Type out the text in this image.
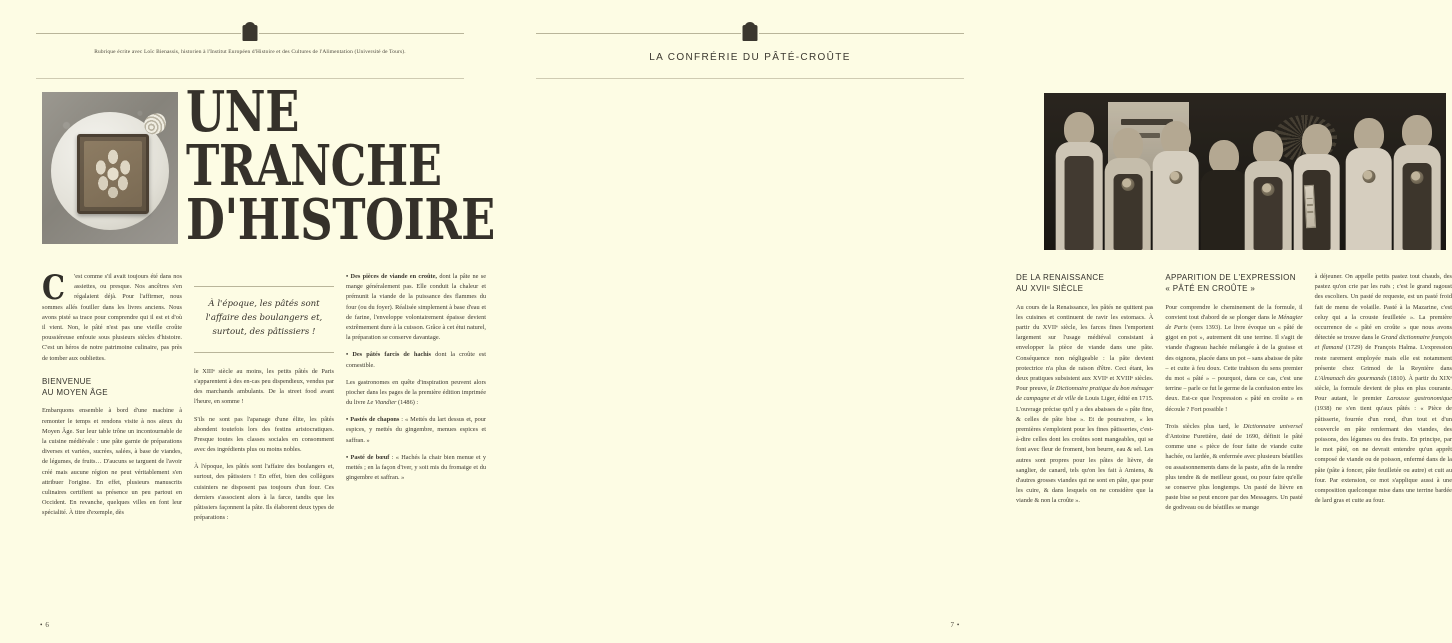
Rubrique écrite avec Loïc Bienassis, historien à l'Institut Européen d'Histoire et des Cultures de l'Alimentation (Université de Tours).
UNE
TRANCHE
D'HISTOIRE

C	'est comme s'il avait toujours été dans nos assiettes, ou presque. Nos ancêtres s'en régalaient déjà. Pour l'affirmer, nous sommes allés fouiller dans les livres anciens. Nous avons pisté sa trace pour comprendre qui il est et d'où il vient. Non, le pâté n'est pas une vieille croûte poussiéreuse enfouie sous plusieurs siècles d'histoire. C'est un héros de notre patrimoine culinaire, pas près de tomber aux oubliettes.

BIENVENUE
AU MOYEN ÂGE

Embarquons ensemble à bord d'une machine à remonter le temps et rendons visite à nos aïeux du Moyen Âge. Sur leur table trône un incontournable de la cuisine médiévale : une pâte garnie de préparations diverses et variées, sucrées, salées, à base de viandes, de légumes, de fruits… D'aucuns se targuent de l'avoir créé mais aucune région ne peut véritablement s'en attribuer l'origine. En effet, plusieurs manuscrits culinaires certifient sa présence un peu partout en Occident. En revanche, quelques villes en font leur spécialité. À titre d'exemple, dès

À l'époque, les pâtés sont l'affaire des boulangers et, surtout, des pâtissiers !

le XIIIᵉ siècle au moins, les petits pâtés de Paris s'apparentent à des en-cas peu dispendieux, vendus par des marchands ambulants. De la street food avant l'heure, en somme !

S'ils ne sont pas l'apanage d'une élite, les pâtés abondent toutefois lors des festins aristocratiques. Presque toutes les classes sociales en consomment avec des ingrédients plus ou moins nobles.

À l'époque, les pâtés sont l'affaire des boulangers et, surtout, des pâtissiers ! En effet, bien des collègues cuisiniers ne disposent pas toujours d'un four. Ces derniers s'associent alors à la farce, tandis que les pâtissiers façonnent la pâte. Ils élaborent deux types de préparations :

• Des pièces de viande en croûte, dont la pâte ne se mange généralement pas. Elle conduit la chaleur et prémunit la viande de la puissance des flammes du four (ou du foyer). Réalisée simplement à base d'eau et de farine, l'enveloppe volontairement épaisse devient extrêmement dure à la cuisson. Grâce à cet étui naturel, la préparation se conserve davantage.

• Des pâtés farcis de hachis dont la croûte est comestible.

Les gastronomes en quête d'inspiration peuvent alors piocher dans les pages de la première édition imprimée du livre Le Viandier (1486) :

• Pastés de chapons : « Mettés du lart dessus et, pour espices, y mettés du gingembre, menues espices et saffran. »

• Pasté de bœuf : « Hachés la chair bien menue et y mettés ; en la façon d'iver, y soit mis du fromaige et du gingembre et saffran. »

• 6
LA CONFRÉRIE DU PÂTÉ-CROÛTE
DE LA RENAISSANCE
AU XVIIᵉ SIÈCLE

Au cours de la Renaissance, les pâtés ne quittent pas les cuisines et continuent de ravir les estomacs. À partir du XVIIᵉ siècle, les farces fines l'emportent largement sur l'usage médiéval consistant à envelopper la pièce de viande dans une pâte. Conséquence non négligeable : la pâte devient protectrice n'a plus de raison d'être. Ceci étant, les deux pratiques subsistent aux XVIIᵉ et XVIIIᵉ siècles. Pour preuve, le Dictionnaire pratique du bon ménager de campagne et de ville de Louis Liger, édité en 1715. L'ouvrage précise qu'il y a des abaisses de « pâte fine, & celles de pâte bise ». Et de poursuivre, « les premières s'emploient pour les fines pâtisseries, c'est-à-dire celles dont les croûtes sont mangeables, qui se font avec fleur de froment, bon beurre, eau & sel. Les autres sont propres pour les pâtes de lièvre, de sanglier, de canard, tels qu'on les fait à Amiens, & d'autres grosses viandes qui ne sont en pâte, que pour les cuire, & dans lesquels on ne considère que la viande & non la croûte ».

APPARITION DE L'EXPRESSION
« PÂTÉ EN CROÛTE »

Pour comprendre le cheminement de la formule, il convient tout d'abord de se plonger dans le Ménagier de Paris (vers 1393). Le livre évoque un « pâté de gigot en pot », autrement dit une terrine. Il s'agit de viande d'agneau hachée mélangée à de la graisse et des oignons, placée dans un pot – sans abaisse de pâte – et cuite à feu doux. Cette trahison du sens premier du mot « pâté » – pourquoi, dans ce cas, c'est une terrine – parle ce fut le germe de la confusion entre les deux. Est-ce que l'expression « pâté en croûte » en découle ? Fort possible !

Trois siècles plus tard, le Dictionnaire universel d'Antoine Furetière, daté de 1690, définit le pâté comme une « pièce de four faite de viande cuite hachée, ou lardée, & enfermée avec plusieurs béatilles ou assaisonnements dans de la paste, afin de la rendre plus tendre & de meilleur goust, ou pour faire qu'elle se conserve plus longtemps. Un pasté de lièvre en paste bise se peut encore par des Messagers. Un pasté de godiveau ou de béatilles se mange

à déjeuner. On appelle petits pastez tout chauds, des pastez qu'on crie par les ruës ; c'est le grand ragoust des escoliers. Un pasté de requeste, est un pasté froid fait de menu de volaille. Pasté à la Mazarine, c'est celuy qui a la crouste feuilletée ». La première occurrence de « pâté en croûte » que nous avons détectée se trouve dans le Grand dictionnaire françois et flamand (1729) de François Halma. L'expression reste rarement employée mais elle est notamment présente chez Grimod de la Reynière dans L'Almanach des gourmands (1810). À partir du XIXᵉ siècle, la formule devient de plus en plus courante. Pour autant, le premier Larousse gastronomique (1938) ne s'en tient qu'aux pâtés : « Pièce de pâtisserie, fourrée d'un rond, d'un tout et d'un couvercle en pâte renfermant des viandes, des poissons, des légumes ou des fruits. En principe, par le mot pâté, on ne devrait entendre qu'un apprêt composé de viande ou de poisson, enfermé dans de la pâte (pâte à foncer, pâte feuilletée ou autre) et cuit au four. Par extension, ce mot s'applique aussi à une composition quelconque mise dans une terrine bardée de lard gras et cuite au four.

7 •
